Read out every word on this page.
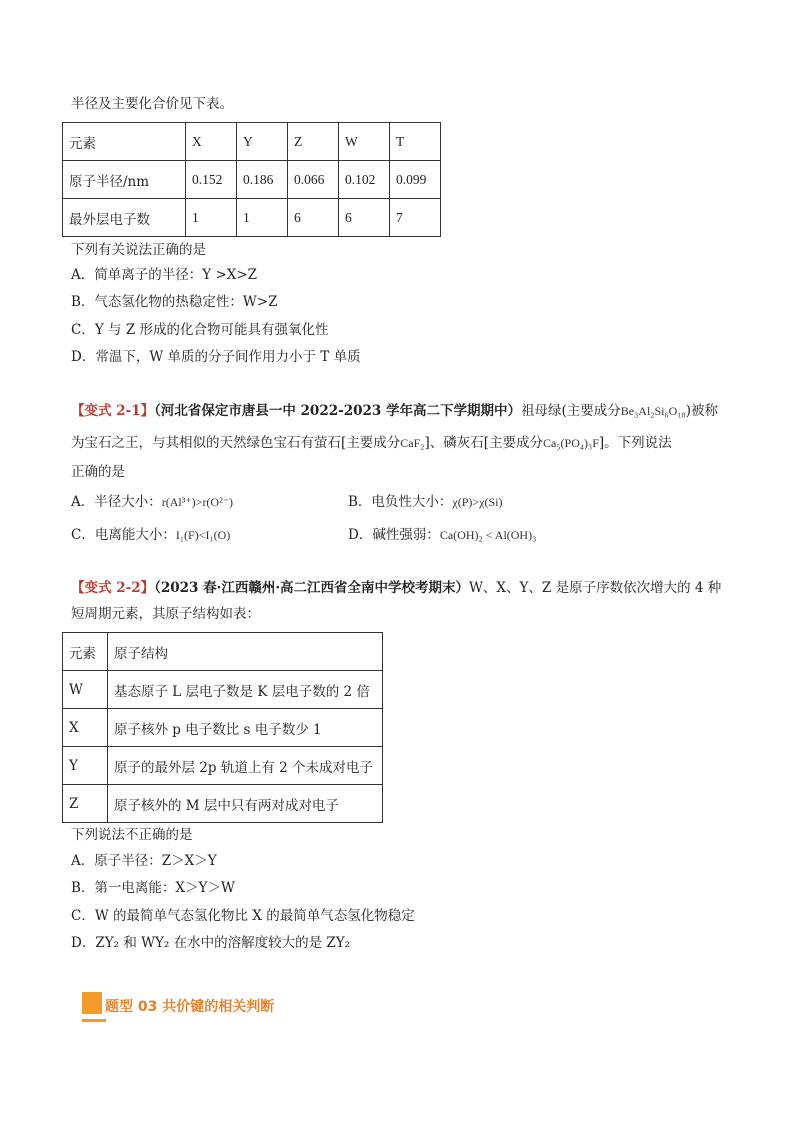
半径及主要化合价见下表。
元素	X	Y	Z	W	T
原子半径/nm	0.152	0.186	0.066	0.102	0.099
最外层电子数	1	1	6	6	7
下列有关说法正确的是
A．简单离子的半径：Y >X>Z
B．气态氢化物的热稳定性：W>Z
C．Y 与 Z 形成的化合物可能具有强氧化性
D．常温下，W 单质的分子间作用力小于 T 单质
【变式 2-1】（河北省保定市唐县一中 2022-2023 学年高二下学期期中）祖母绿(主要成分Be₃Al₂Si₆O₁₈)被称
为宝石之王，与其相似的天然绿色宝石有萤石[主要成分CaF₂]、磷灰石[主要成分Ca₅(PO₄)₃F]。下列说法
正确的是
A．半径大小：r(Al³⁺)>r(O²⁻)	B．电负性大小：χ(P)>χ(Si)
C．电离能大小：I₁(F)<I₁(O)	D．碱性强弱：Ca(OH)₂ < Al(OH)₃
【变式 2-2】（2023 春·江西赣州·高二江西省全南中学校考期末）W、X、Y、Z 是原子序数依次增大的 4 种
短周期元素，其原子结构如表：
元素	原子结构
W	基态原子 L 层电子数是 K 层电子数的 2 倍
X	原子核外 p 电子数比 s 电子数少 1
Y	原子的最外层 2p 轨道上有 2 个未成对电子
Z	原子核外的 M 层中只有两对成对电子
下列说法不正确的是
A．原子半径：Z＞X＞Y
B．第一电离能：X＞Y＞W
C．W 的最简单气态氢化物比 X 的最简单气态氢化物稳定
D．ZY₂ 和 WY₂ 在水中的溶解度较大的是 ZY₂
题型 03 共价键的相关判断
